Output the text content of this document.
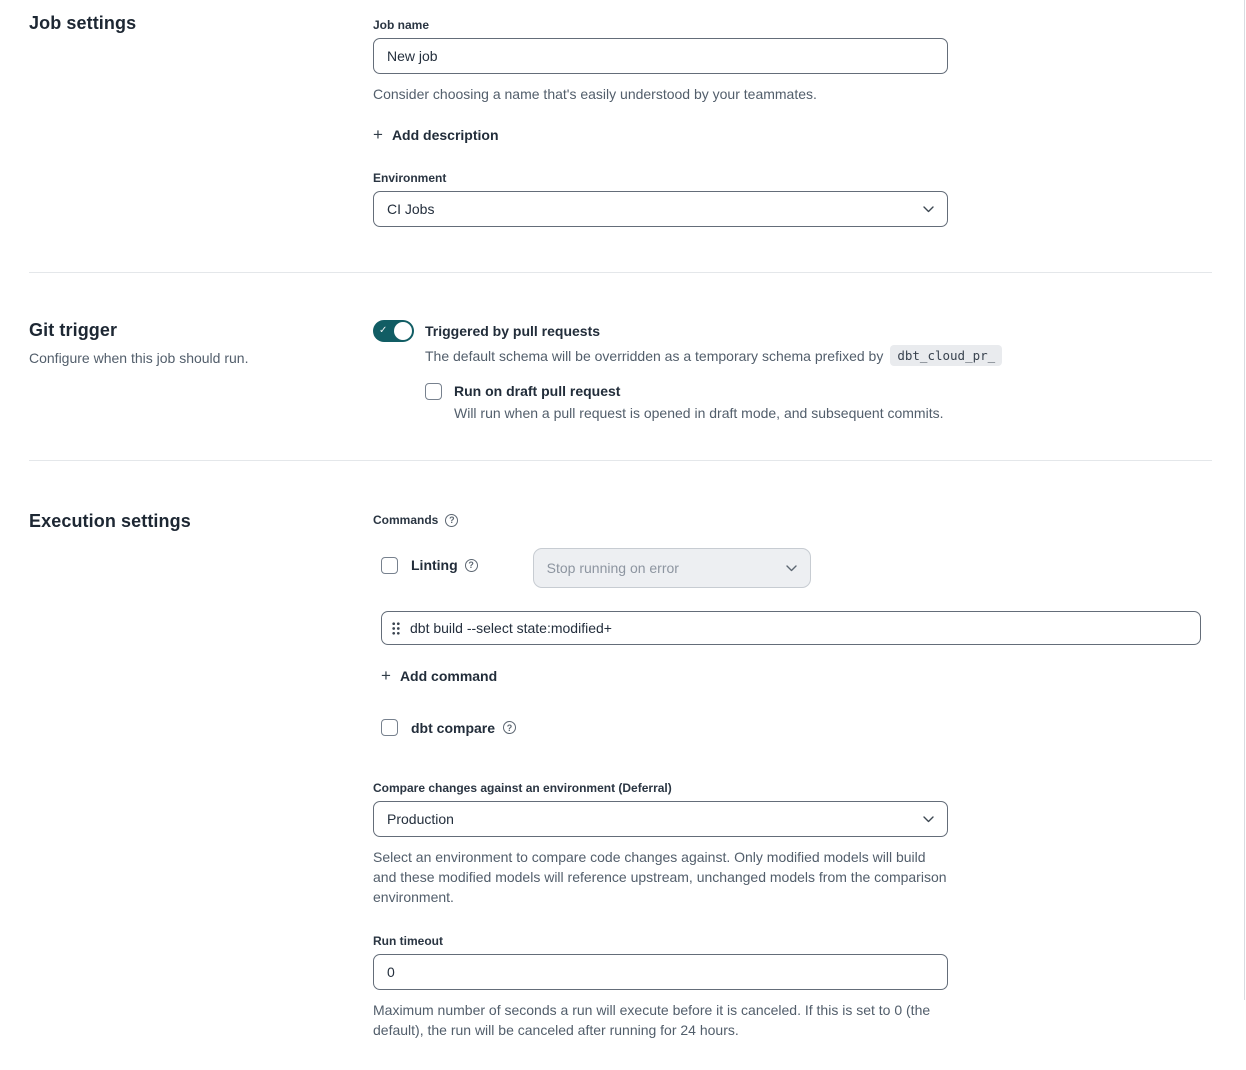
Job settings	Job name
New job
Consider choosing a name that's easily understood by your teammates.
+ Add description
Environment
CI Jobs
Git trigger
Configure when this job should run.
✓	Triggered by pull requests
The default schema will be overridden as a temporary schema prefixed by	dbt_cloud_pr_
Run on draft pull request
Will run when a pull request is opened in draft mode, and subsequent commits.
Execution settings	Commands	?
Linting	?	Stop running on error
dbt build --select state:modified+
+ Add command
dbt compare	?
Compare changes against an environment (Deferral)
Production
Select an environment to compare code changes against. Only modified models will build and these modified models will reference upstream, unchanged models from the comparison environment.
Run timeout
0
Maximum number of seconds a run will execute before it is canceled. If this is set to 0 (the default), the run will be canceled after running for 24 hours.
